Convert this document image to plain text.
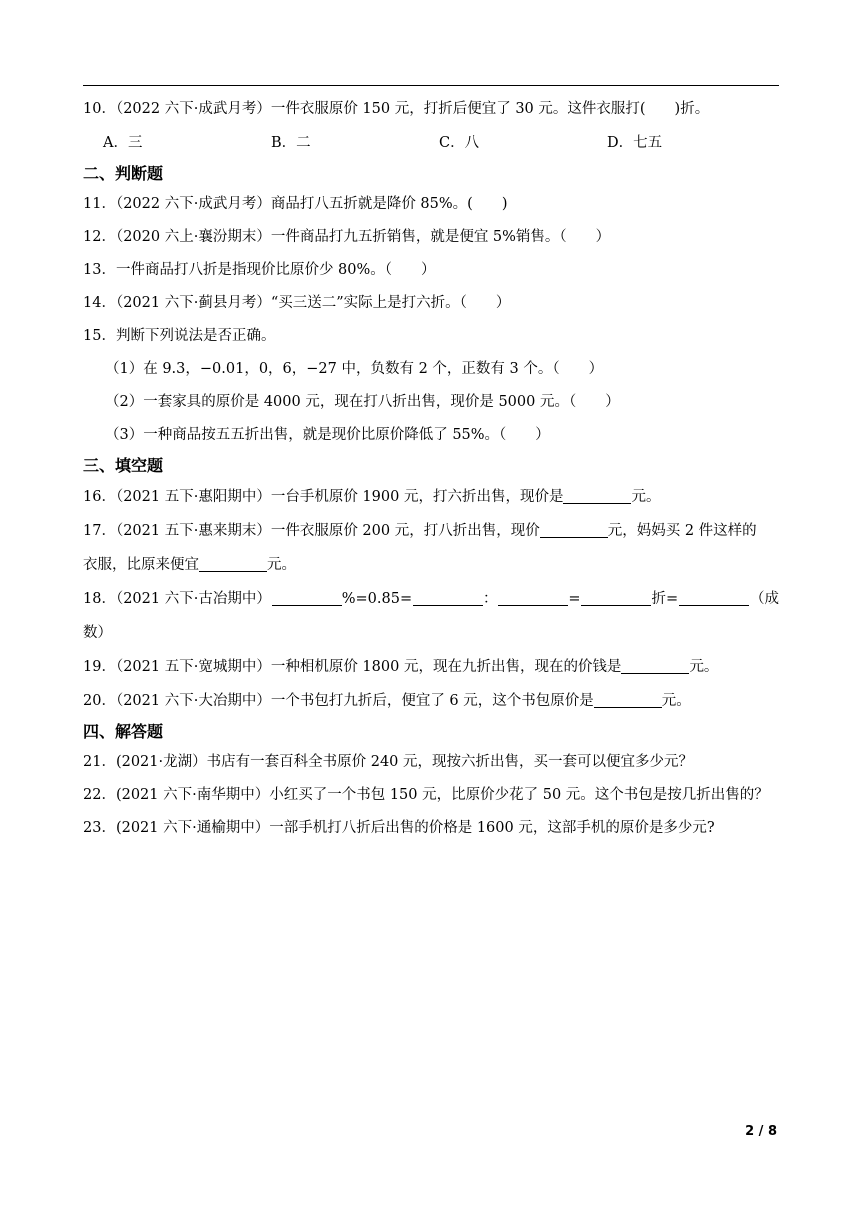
10．（2022 六下·成武月考）一件衣服原价 150 元，打折后便宜了 30 元。这件衣服打(　　)折。
A．三	B．二	C．八	D．七五
二、判断题
11．（2022 六下·成武月考）商品打八五折就是降价 85%。(　　)
12．（2020 六上·襄汾期末）一件商品打九五折销售，就是便宜 5%销售。（　　）
13．一件商品打八折是指现价比原价少 80%。（　　）
14．（2021 六下·蓟县月考）“买三送二”实际上是打六折。（　　）
15．判断下列说法是否正确。
（1）在 9.3，−0.01，0，6，−27 中，负数有 2 个，正数有 3 个。（　　）
（2）一套家具的原价是 4000 元，现在打八折出售，现价是 5000 元。（　　）
（3）一种商品按五五折出售，就是现价比原价降低了 55%。（　　）
三、填空题
16．（2021 五下·惠阳期中）一台手机原价 1900 元，打六折出售，现价是	元。
17．（2021 五下·惠来期末）一件衣服原价 200 元，打八折出售，现价	元，妈妈买 2 件这样的
衣服，比原来便宜	元。
18．（2021 六下·古冶期中）	%=0.85=	：	=	折=	（成
数）
19．（2021 五下·宽城期中）一种相机原价 1800 元，现在九折出售，现在的价钱是	元。
20．（2021 六下·大冶期中）一个书包打九折后，便宜了 6 元，这个书包原价是	元。
四、解答题
21．(2021·龙湖）书店有一套百科全书原价 240 元，现按六折出售，买一套可以便宜多少元？
22．(2021 六下·南华期中）小红买了一个书包 150 元，比原价少花了 50 元。这个书包是按几折出售的？
23．(2021 六下·通榆期中）一部手机打八折后出售的价格是 1600 元，这部手机的原价是多少元?
2 / 8
